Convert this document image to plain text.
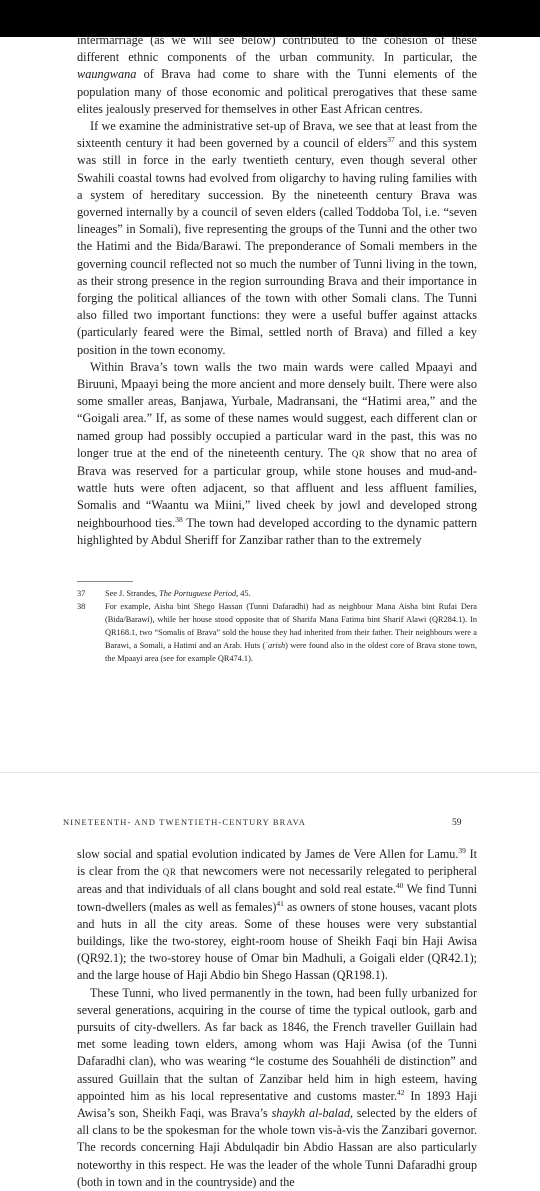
intermarriage (as we will see below) contributed to the cohesion of these different ethnic components of the urban community. In particular, the waungwana of Brava had come to share with the Tunni elements of the population many of those economic and political prerogatives that these same elites jealously preserved for themselves in other East African centres.

If we examine the administrative set-up of Brava, we see that at least from the sixteenth century it had been governed by a council of elders$^{37}$ and this system was still in force in the early twentieth century, even though several other Swahili coastal towns had evolved from oligarchy to having ruling families with a system of hereditary succession. By the nineteenth century Brava was governed internally by a council of seven elders (called Toddoba Tol, i.e. “seven lineages” in Somali), five representing the groups of the Tunni and the other two the Hatimi and the Bida/Barawi. The preponderance of Somali members in the governing council reflected not so much the number of Tunni living in the town, as their strong presence in the region surrounding Brava and their importance in forging the political alliances of the town with other Somali clans. The Tunni also filled two important functions: they were a useful buffer against attacks (particularly feared were the Bimal, settled north of Brava) and filled a key position in the town economy.

Within Brava’s town walls the two main wards were called Mpaayi and Biruuni, Mpaayi being the more ancient and more densely built. There were also some smaller areas, Banjawa, Yurbale, Madransani, the “Hatimi area,” and the “Goigali area.” If, as some of these names would suggest, each different clan or named group had possibly occupied a particular ward in the past, this was no longer true at the end of the nineteenth century. The QR show that no area of Brava was reserved for a particular group, while stone houses and mud-and-wattle huts were often adjacent, so that affluent and less affluent families, Somalis and “Waantu wa Miini,” lived cheek by jowl and developed strong neighbourhood ties.$^{38}$ The town had developed according to the dynamic pattern highlighted by Abdul Sheriff for Zanzibar rather than to the extremely

37	See J. Strandes, The Portuguese Period, 45.
38	For example, Aisha bint Shego Hassan (Tunni Dafaradhi) had as neighbour Mana Aisha bint Rufai Dera (Bida/Barawi), while her house stood opposite that of Sharifa Mana Fatima bint Sharif Alawi (QR284.1). In QR168.1, two “Somalis of Brava” sold the house they had inherited from their father. Their neighbours were a Barawi, a Somali, a Hatimi and an Arab. Huts (ʿarish) were found also in the oldest core of Brava stone town, the Mpaayi area (see for example QR474.1).
NINETEENTH- AND TWENTIETH-CENTURY BRAVA	59

slow social and spatial evolution indicated by James de Vere Allen for Lamu.$^{39}$ It is clear from the QR that newcomers were not necessarily relegated to peripheral areas and that individuals of all clans bought and sold real estate.$^{40}$ We find Tunni town-dwellers (males as well as females)$^{41}$ as owners of stone houses, vacant plots and huts in all the city areas. Some of these houses were very substantial buildings, like the two-storey, eight-room house of Sheikh Faqi bin Haji Awisa (QR92.1); the two-storey house of Omar bin Madhuli, a Goigali elder (QR42.1); and the large house of Haji Abdio bin Shego Hassan (QR198.1).

These Tunni, who lived permanently in the town, had been fully urbanized for several generations, acquiring in the course of time the typical outlook, garb and pursuits of city-dwellers. As far back as 1846, the French traveller Guillain had met some leading town elders, among whom was Haji Awisa (of the Tunni Dafaradhi clan), who was wearing “le costume des Souahhéli de distinction” and assured Guillain that the sultan of Zanzibar held him in high esteem, having appointed him as his local representative and customs master.$^{42}$ In 1893 Haji Awisa’s son, Sheikh Faqi, was Brava’s shaykh al-balad, selected by the elders of all clans to be the spokesman for the whole town vis-à-vis the Zanzibari governor. The records concerning Haji Abdulqadir bin Abdio Hassan are also particularly noteworthy in this respect. He was the leader of the whole Tunni Dafaradhi group (both in town and in the countryside) and the
